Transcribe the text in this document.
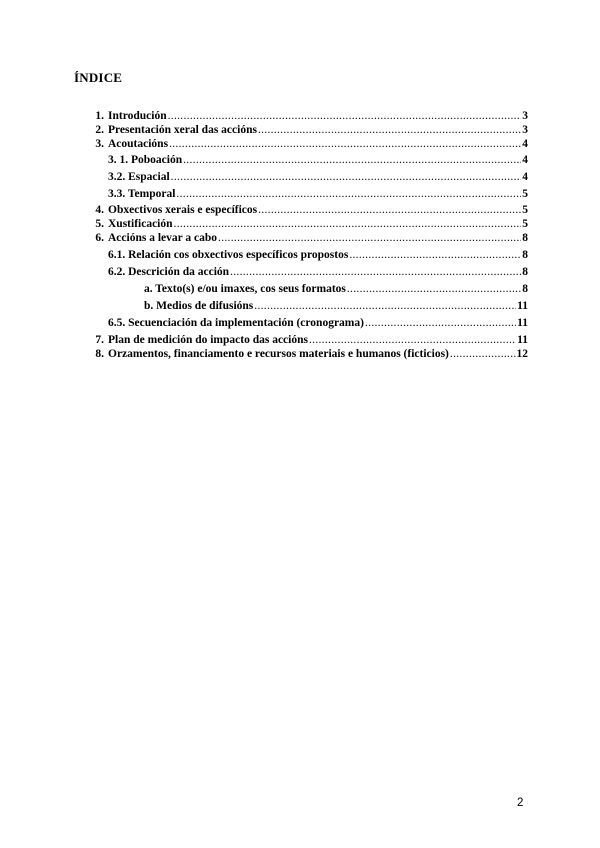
ÍNDICE
1. Introdución .....	3
2. Presentación xeral das accións .....	3
3. Acoutacións .....	4
3. 1. Poboación .....	4
3.2. Espacial .....	4
3.3. Temporal .....	5
4. Obxectivos xerais e específicos .....	5
5. Xustificación .....	5
6. Accións a levar a cabo .....	8
6.1. Relación cos obxectivos específicos propostos .....	8
6.2. Descrición da acción .....	8
a. Texto(s) e/ou imaxes, cos seus formatos .....	8
b. Medios de difusións .....	11
6.5. Secuenciación da implementación (cronograma) .....	11
7. Plan de medición do impacto das accións .....	11
8. Orzamentos, financiamento e recursos materiais e humanos (ficticios) .....	12
2
